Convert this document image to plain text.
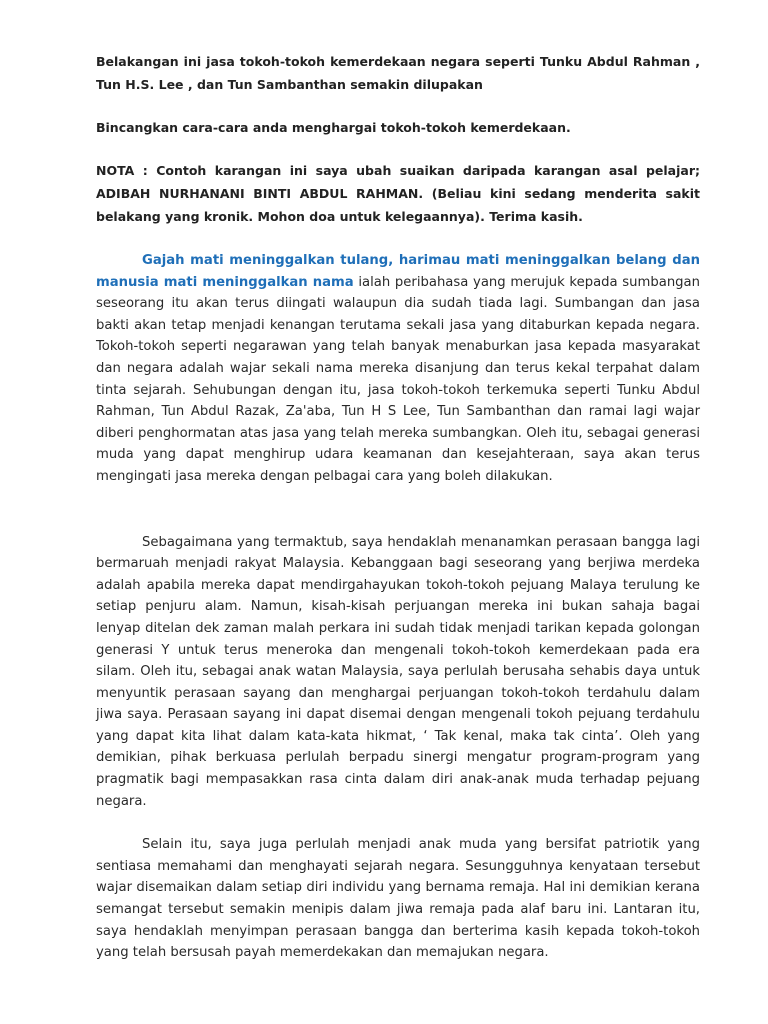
Belakangan ini jasa tokoh-tokoh kemerdekaan negara seperti Tunku Abdul Rahman , Tun H.S. Lee , dan Tun Sambanthan semakin dilupakan

Bincangkan cara-cara anda menghargai tokoh-tokoh kemerdekaan.

NOTA : Contoh karangan ini saya ubah suaikan daripada karangan asal pelajar; ADIBAH NURHANANI BINTI ABDUL RAHMAN. (Beliau kini sedang menderita sakit belakang yang kronik. Mohon doa untuk kelegaannya). Terima kasih.

Gajah mati meninggalkan tulang, harimau mati meninggalkan belang dan manusia mati meninggalkan nama ialah peribahasa yang merujuk kepada sumbangan seseorang itu akan terus diingati walaupun dia sudah tiada lagi. Sumbangan dan jasa bakti akan tetap menjadi kenangan terutama sekali jasa yang ditaburkan kepada negara. Tokoh-tokoh seperti negarawan yang telah banyak menaburkan jasa kepada masyarakat dan negara adalah wajar sekali nama mereka disanjung dan terus kekal terpahat dalam tinta sejarah. Sehubungan dengan itu, jasa tokoh-tokoh terkemuka seperti Tunku Abdul Rahman, Tun Abdul Razak, Za'aba, Tun H S Lee, Tun Sambanthan dan ramai lagi wajar diberi penghormatan atas jasa yang telah mereka sumbangkan. Oleh itu, sebagai generasi muda yang dapat menghirup udara keamanan dan kesejahteraan, saya akan terus mengingati jasa mereka dengan pelbagai cara yang boleh dilakukan.

Sebagaimana yang termaktub, saya hendaklah menanamkan perasaan bangga lagi bermaruah menjadi rakyat Malaysia. Kebanggaan bagi seseorang yang berjiwa merdeka adalah apabila mereka dapat mendirgahayukan tokoh-tokoh pejuang Malaya terulung ke setiap penjuru alam. Namun, kisah-kisah perjuangan mereka ini bukan sahaja bagai lenyap ditelan dek zaman malah perkara ini sudah tidak menjadi tarikan kepada golongan generasi Y untuk terus meneroka dan mengenali tokoh-tokoh kemerdekaan pada era silam. Oleh itu, sebagai anak watan Malaysia, saya perlulah berusaha sehabis daya untuk menyuntik perasaan sayang dan menghargai perjuangan tokoh-tokoh terdahulu dalam jiwa saya. Perasaan sayang ini dapat disemai dengan mengenali tokoh pejuang terdahulu yang dapat kita lihat dalam kata-kata hikmat, ‘ Tak kenal, maka tak cinta’. Oleh yang demikian, pihak berkuasa perlulah berpadu sinergi mengatur program-program yang pragmatik bagi mempasakkan rasa cinta dalam diri anak-anak muda terhadap pejuang negara.

Selain itu, saya juga perlulah menjadi anak muda yang bersifat patriotik yang sentiasa memahami dan menghayati sejarah negara. Sesungguhnya kenyataan tersebut wajar disemaikan dalam setiap diri individu yang bernama remaja. Hal ini demikian kerana semangat tersebut semakin menipis dalam jiwa remaja pada alaf baru ini. Lantaran itu, saya hendaklah menyimpan perasaan bangga dan berterima kasih kepada tokoh-tokoh yang telah bersusah payah memerdekakan dan memajukan negara.
